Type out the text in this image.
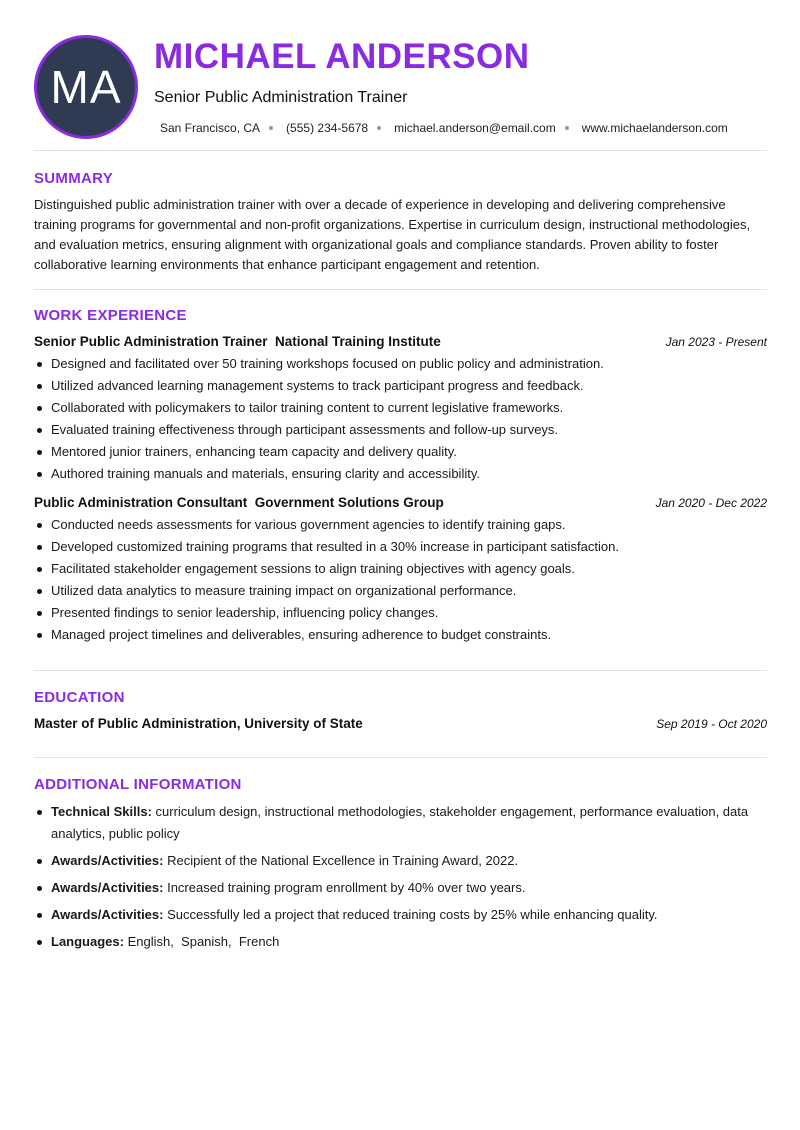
MA
MICHAEL ANDERSON
Senior Public Administration Trainer
San Francisco, CA (555) 234-5678 michael.anderson@email.com www.michaelanderson.com
SUMMARY

Distinguished public administration trainer with over a decade of experience in developing and delivering comprehensive training programs for governmental and non-profit organizations. Expertise in curriculum design, instructional methodologies, and evaluation metrics, ensuring alignment with organizational goals and compliance standards. Proven ability to foster collaborative learning environments that enhance participant engagement and retention.

WORK EXPERIENCE
Senior Public Administration Trainer  National Training Institute	Jan 2023 - Present
Designed and facilitated over 50 training workshops focused on public policy and administration.
Utilized advanced learning management systems to track participant progress and feedback.
Collaborated with policymakers to tailor training content to current legislative frameworks.
Evaluated training effectiveness through participant assessments and follow-up surveys.
Mentored junior trainers, enhancing team capacity and delivery quality.
Authored training manuals and materials, ensuring clarity and accessibility.
Public Administration Consultant  Government Solutions Group	Jan 2020 - Dec 2022
Conducted needs assessments for various government agencies to identify training gaps.
Developed customized training programs that resulted in a 30% increase in participant satisfaction.
Facilitated stakeholder engagement sessions to align training objectives with agency goals.
Utilized data analytics to measure training impact on organizational performance.
Presented findings to senior leadership, influencing policy changes.
Managed project timelines and deliverables, ensuring adherence to budget constraints.
EDUCATION
Master of Public Administration, University of State	Sep 2019 - Oct 2020
ADDITIONAL INFORMATION
Technical Skills: curriculum design, instructional methodologies, stakeholder engagement, performance evaluation, data analytics, public policy
Awards/Activities: Recipient of the National Excellence in Training Award, 2022.
Awards/Activities: Increased training program enrollment by 40% over two years.
Awards/Activities: Successfully led a project that reduced training costs by 25% while enhancing quality.
Languages: English,  Spanish,  French
